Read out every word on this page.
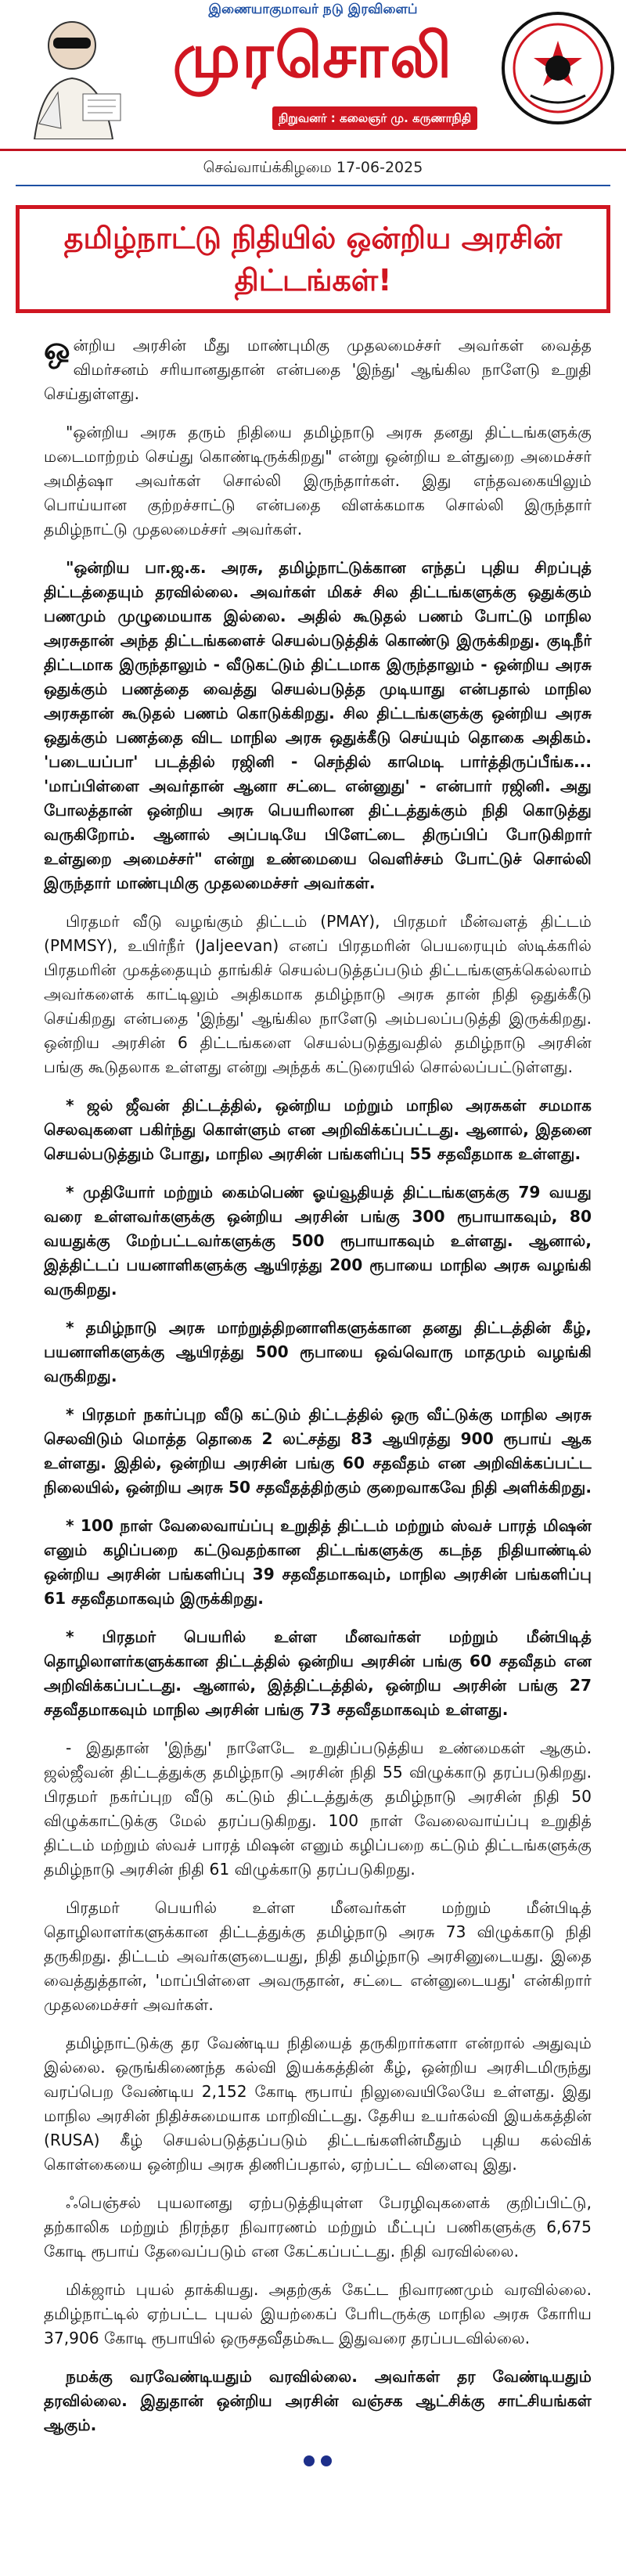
இணையாகுமாவர் நடு இரவிளைப்
முரசொலி
நிறுவனர் : கலைஞர் மு. கருணாநிதி
செவ்வாய்க்கிழமை 17-06-2025
தமிழ்நாட்டு நிதியில் ஒன்றிய அரசின் திட்டங்கள்!

ஒன்றிய அரசின் மீது மாண்புமிகு முதலமைச்சர் அவர்கள் வைத்த விமர்சனம் சரியானதுதான் என்பதை 'இந்து' ஆங்கில நாளேடு உறுதி செய்துள்ளது.

"ஒன்றிய அரசு தரும் நிதியை தமிழ்நாடு அரசு தனது திட்டங்களுக்கு மடைமாற்றம் செய்து கொண்டிருக்கிறது" என்று ஒன்றிய உள்துறை அமைச்சர் அமித்ஷா அவர்கள் சொல்லி இருந்தார்கள். இது எந்தவகையிலும் பொய்யான குற்றச்சாட்டு என்பதை விளக்கமாக சொல்லி இருந்தார் தமிழ்நாட்டு முதலமைச்சர் அவர்கள்.

"ஒன்றிய பா.ஜ.க. அரசு, தமிழ்நாட்டுக்கான எந்தப் புதிய சிறப்புத் திட்டத்தையும் தரவில்லை. அவர்கள் மிகச் சில திட்டங்களுக்கு ஒதுக்கும் பணமும் முழுமையாக இல்லை. அதில் கூடுதல் பணம் போட்டு மாநில அரசுதான் அந்த திட்டங்களைச் செயல்படுத்திக் கொண்டு இருக்கிறது. குடிநீர் திட்டமாக இருந்தாலும் - வீடுகட்டும் திட்டமாக இருந்தாலும் - ஒன்றிய அரசு ஒதுக்கும் பணத்தை வைத்து செயல்படுத்த முடியாது என்பதால் மாநில அரசுதான் கூடுதல் பணம் கொடுக்கிறது. சில திட்டங்களுக்கு ஒன்றிய அரசு ஒதுக்கும் பணத்தை விட மாநில அரசு ஒதுக்கீடு செய்யும் தொகை அதிகம். 'படையப்பா' படத்தில் ரஜினி - செந்தில் காமெடி பார்த்திருப்பீங்க... 'மாப்பிள்ளை அவர்தான் ஆனா சட்டை என்னுது' - என்பார் ரஜினி. அது போலத்தான் ஒன்றிய அரசு பெயரிலான திட்டத்துக்கும் நிதி கொடுத்து வருகிறோம். ஆனால் அப்படியே பிளேட்டை திருப்பிப் போடுகிறார் உள்துறை அமைச்சர்" என்று உண்மையை வெளிச்சம் போட்டுச் சொல்லி இருந்தார் மாண்புமிகு முதலமைச்சர் அவர்கள்.

பிரதமர் வீடு வழங்கும் திட்டம் (PMAY), பிரதமர் மீன்வளத் திட்டம் (PMMSY), உயிர்நீர் (Jaljeevan) எனப் பிரதமரின் பெயரையும் ஸ்டிக்கரில் பிரதமரின் முகத்தையும் தாங்கிச் செயல்படுத்தப்படும் திட்டங்களுக்கெல்லாம் அவர்களைக் காட்டிலும் அதிகமாக தமிழ்நாடு அரசு தான் நிதி ஒதுக்கீடு செய்கிறது என்பதை 'இந்து' ஆங்கில நாளேடு அம்பலப்படுத்தி இருக்கிறது. ஒன்றிய அரசின் 6 திட்டங்களை செயல்படுத்துவதில் தமிழ்நாடு அரசின் பங்கு கூடுதலாக உள்ளது என்று அந்தக் கட்டுரையில் சொல்லப்பட்டுள்ளது.

* ஜல் ஜீவன் திட்டத்தில், ஒன்றிய மற்றும் மாநில அரசுகள் சமமாக செலவுகளை பகிர்ந்து கொள்ளும் என அறிவிக்கப்பட்டது. ஆனால், இதனை செயல்படுத்தும் போது, மாநில அரசின் பங்களிப்பு 55 சதவீதமாக உள்ளது.

* முதியோர் மற்றும் கைம்பெண் ஓய்வூதியத் திட்டங்களுக்கு 79 வயது வரை உள்ளவர்களுக்கு ஒன்றிய அரசின் பங்கு 300 ரூபாயாகவும், 80 வயதுக்கு மேற்பட்டவர்களுக்கு 500 ரூபாயாகவும் உள்ளது. ஆனால், இத்திட்டப் பயனாளிகளுக்கு ஆயிரத்து 200 ரூபாயை மாநில அரசு வழங்கி வருகிறது.

* தமிழ்நாடு அரசு மாற்றுத்திறனாளிகளுக்கான தனது திட்டத்தின் கீழ், பயனாளிகளுக்கு ஆயிரத்து 500 ரூபாயை ஒவ்வொரு மாதமும் வழங்கி வருகிறது.

* பிரதமர் நகர்ப்புற வீடு கட்டும் திட்டத்தில் ஒரு வீட்டுக்கு மாநில அரசு செலவிடும் மொத்த தொகை 2 லட்சத்து 83 ஆயிரத்து 900 ரூபாய் ஆக உள்ளது. இதில், ஒன்றிய அரசின் பங்கு 60 சதவீதம் என அறிவிக்கப்பட்ட நிலையில், ஒன்றிய அரசு 50 சதவீதத்திற்கும் குறைவாகவே நிதி அளிக்கிறது.

* 100 நாள் வேலைவாய்ப்பு உறுதித் திட்டம் மற்றும் ஸ்வச் பாரத் மிஷன் எனும் கழிப்பறை கட்டுவதற்கான திட்டங்களுக்கு கடந்த நிதியாண்டில் ஒன்றிய அரசின் பங்களிப்பு 39 சதவீதமாகவும், மாநில அரசின் பங்களிப்பு 61 சதவீதமாகவும் இருக்கிறது.

* பிரதமர் பெயரில் உள்ள மீனவர்கள் மற்றும் மீன்பிடித் தொழிலாளர்களுக்கான திட்டத்தில் ஒன்றிய அரசின் பங்கு 60 சதவீதம் என அறிவிக்கப்பட்டது. ஆனால், இத்திட்டத்தில், ஒன்றிய அரசின் பங்கு 27 சதவீதமாகவும் மாநில அரசின் பங்கு 73 சதவீதமாகவும் உள்ளது.

- இதுதான் 'இந்து' நாளேடே உறுதிப்படுத்திய உண்மைகள் ஆகும். ஜல்ஜீவன் திட்டத்துக்கு தமிழ்நாடு அரசின் நிதி 55 விழுக்காடு தரப்படுகிறது. பிரதமர் நகர்ப்புற வீடு கட்டும் திட்டத்துக்கு தமிழ்நாடு அரசின் நிதி 50 விழுக்காட்டுக்கு மேல் தரப்படுகிறது. 100 நாள் வேலைவாய்ப்பு உறுதித் திட்டம் மற்றும் ஸ்வச் பாரத் மிஷன் எனும் கழிப்பறை கட்டும் திட்டங்களுக்கு தமிழ்நாடு அரசின் நிதி 61 விழுக்காடு தரப்படுகிறது.

பிரதமர் பெயரில் உள்ள மீனவர்கள் மற்றும் மீன்பிடித் தொழிலாளர்களுக்கான திட்டத்துக்கு தமிழ்நாடு அரசு 73 விழுக்காடு நிதி தருகிறது. திட்டம் அவர்களுடையது, நிதி தமிழ்நாடு அரசினுடையது. இதை வைத்துத்தான், 'மாப்பிள்ளை அவருதான், சட்டை என்னுடையது' என்கிறார் முதலமைச்சர் அவர்கள்.

தமிழ்நாட்டுக்கு தர வேண்டிய நிதியைத் தருகிறார்களா என்றால் அதுவும் இல்லை. ஒருங்கிணைந்த கல்வி இயக்கத்தின் கீழ், ஒன்றிய அரசிடமிருந்து வரப்பெற வேண்டிய 2,152 கோடி ரூபாய் நிலுவையிலேயே உள்ளது. இது மாநில அரசின் நிதிச்சுமையாக மாறிவிட்டது. தேசிய உயர்கல்வி இயக்கத்தின் (RUSA) கீழ் செயல்படுத்தப்படும் திட்டங்களின்மீதும் புதிய கல்விக் கொள்கையை ஒன்றிய அரசு திணிப்பதால், ஏற்பட்ட விளைவு இது.

ஃபெஞ்சல் புயலானது ஏற்படுத்தியுள்ள பேரழிவுகளைக் குறிப்பிட்டு, தற்காலிக மற்றும் நிரந்தர நிவாரணம் மற்றும் மீட்புப் பணிகளுக்கு 6,675 கோடி ரூபாய் தேவைப்படும் என கேட்கப்பட்டது. நிதி வரவில்லை.

மிக்ஜாம் புயல் தாக்கியது. அதற்குக் கேட்ட நிவாரணமும் வரவில்லை. தமிழ்நாட்டில் ஏற்பட்ட புயல் இயற்கைப் பேரிடருக்கு மாநில அரசு கோரிய 37,906 கோடி ரூபாயில் ஒருசதவீதம்கூட இதுவரை தரப்படவில்லை.

நமக்கு வரவேண்டியதும் வரவில்லை. அவர்கள் தர வேண்டியதும் தரவில்லை. இதுதான் ஒன்றிய அரசின் வஞ்சக ஆட்சிக்கு சாட்சியங்கள் ஆகும்.
